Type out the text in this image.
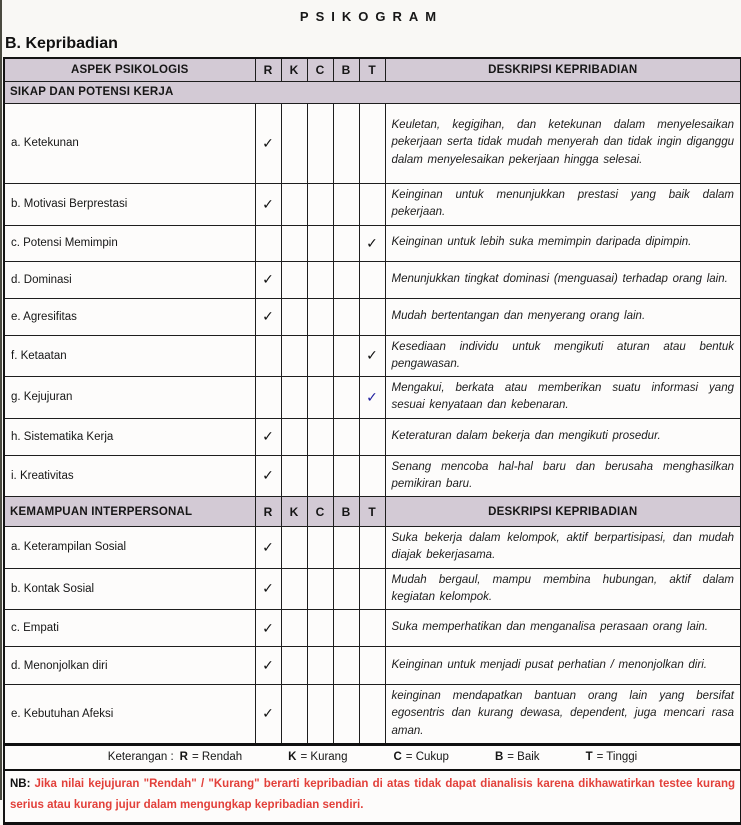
PSIKOGRAM
B. Kepribadian
ASPEK PSIKOLOGIS	R	K	C	B	T	DESKRIPSI KEPRIBADIAN
SIKAP DAN POTENSI KERJA						
a. Ketekunan	✓					Keuletan, kegigihan, dan ketekunan dalam menyelesaikan pekerjaan serta tidak mudah menyerah dan tidak ingin diganggu dalam menyelesaikan pekerjaan hingga selesai.
b. Motivasi Berprestasi	✓					Keinginan untuk menunjukkan prestasi yang baik dalam pekerjaan.
c. Potensi Memimpin					✓	Keinginan untuk lebih suka memimpin daripada dipimpin.
d. Dominasi	✓					Menunjukkan tingkat dominasi (menguasai) terhadap orang lain.
e. Agresifitas	✓					Mudah bertentangan dan menyerang orang lain.
f. Ketaatan					✓	Kesediaan individu untuk mengikuti aturan atau bentuk pengawasan.
g. Kejujuran					✓	Mengakui, berkata atau memberikan suatu informasi yang sesuai kenyataan dan kebenaran.
h. Sistematika Kerja	✓					Keteraturan dalam bekerja dan mengikuti prosedur.
i. Kreativitas	✓					Senang mencoba hal-hal baru dan berusaha menghasilkan pemikiran baru.
KEMAMPUAN INTERPERSONAL	R	K	C	B	T	DESKRIPSI KEPRIBADIAN
a. Keterampilan Sosial	✓					Suka bekerja dalam kelompok, aktif berpartisipasi, dan mudah diajak bekerjasama.
b. Kontak Sosial	✓					Mudah bergaul, mampu membina hubungan, aktif dalam kegiatan kelompok.
c. Empati	✓					Suka memperhatikan dan menganalisa perasaan orang lain.
d. Menonjolkan diri	✓					Keinginan untuk menjadi pusat perhatian / menonjolkan diri.
e. Kebutuhan Afeksi	✓					keinginan mendapatkan bantuan orang lain yang bersifat egosentris dan kurang dewasa, dependent, juga mencari rasa aman.
Keterangan : R = Rendah K = Kurang C = Cukup B = Baik T = Tinggi						
NB: Jika nilai kejujuran "Rendah" / "Kurang" berarti kepribadian di atas tidak dapat dianalisis karena dikhawatirkan testee kurang serius atau kurang jujur dalam mengungkap kepribadian sendiri.						
